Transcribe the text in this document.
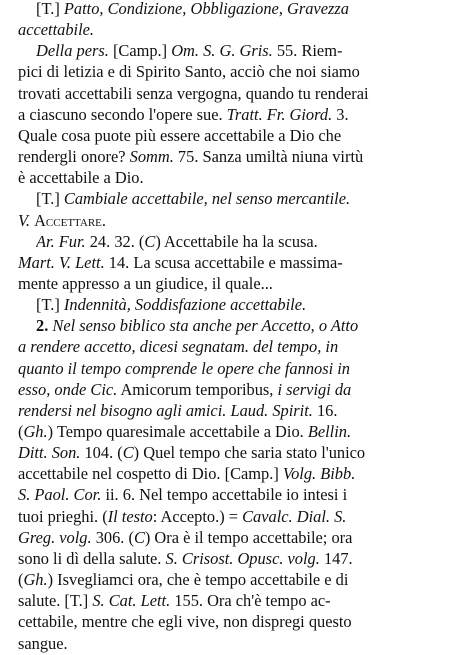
[T.] Patto, Condizione, Obbligazione, Gravezza
accettabile.
Della pers. [Camp.] Om. S. G. Gris. 55. Riem-
pici di letizia e di Spirito Santo, acciò che noi siamo
trovati accettabili senza vergogna, quando tu renderai
a ciascuno secondo l'opere sue. Tratt. Fr. Giord. 3.
Quale cosa puote più essere accettabile a Dio che
rendergli onore? Somm. 75. Sanza umiltà niuna virtù
è accettabile a Dio.
[T.] Cambiale accettabile, nel senso mercantile.
V. Accettare.
Ar. Fur. 24. 32. (C) Accettabile ha la scusa.
Mart. V. Lett. 14. La scusa accettabile e massima-
mente appresso a un giudice, il quale...
[T.] Indennità, Soddisfazione accettabile.
2. Nel senso biblico sta anche per Accetto, o Atto
a rendere accetto, dicesi segnatam. del tempo, in
quanto il tempo comprende le opere che fannosi in
esso, onde Cic. Amicorum temporibus, i servigi da
rendersi nel bisogno agli amici. Laud. Spirit. 16.
(Gh.) Tempo quaresimale accettabile a Dio. Bellin.
Ditt. Son. 104. (C) Quel tempo che saria stato l'unico
accettabile nel cospetto di Dio. [Camp.] Volg. Bibb.
S. Paol. Cor. ii. 6. Nel tempo accettabile io intesi i
tuoi prieghi. (Il testo: Accepto.) = Cavalc. Dial. S.
Greg. volg. 306. (C) Ora è il tempo accettabile; ora
sono li dì della salute. S. Crisost. Opusc. volg. 147.
(Gh.) Isvegliamci ora, che è tempo accettabile e di
salute. [T.] S. Cat. Lett. 155. Ora ch'è tempo ac-
cettabile, mentre che egli vive, non dispregi questo
sangue.
